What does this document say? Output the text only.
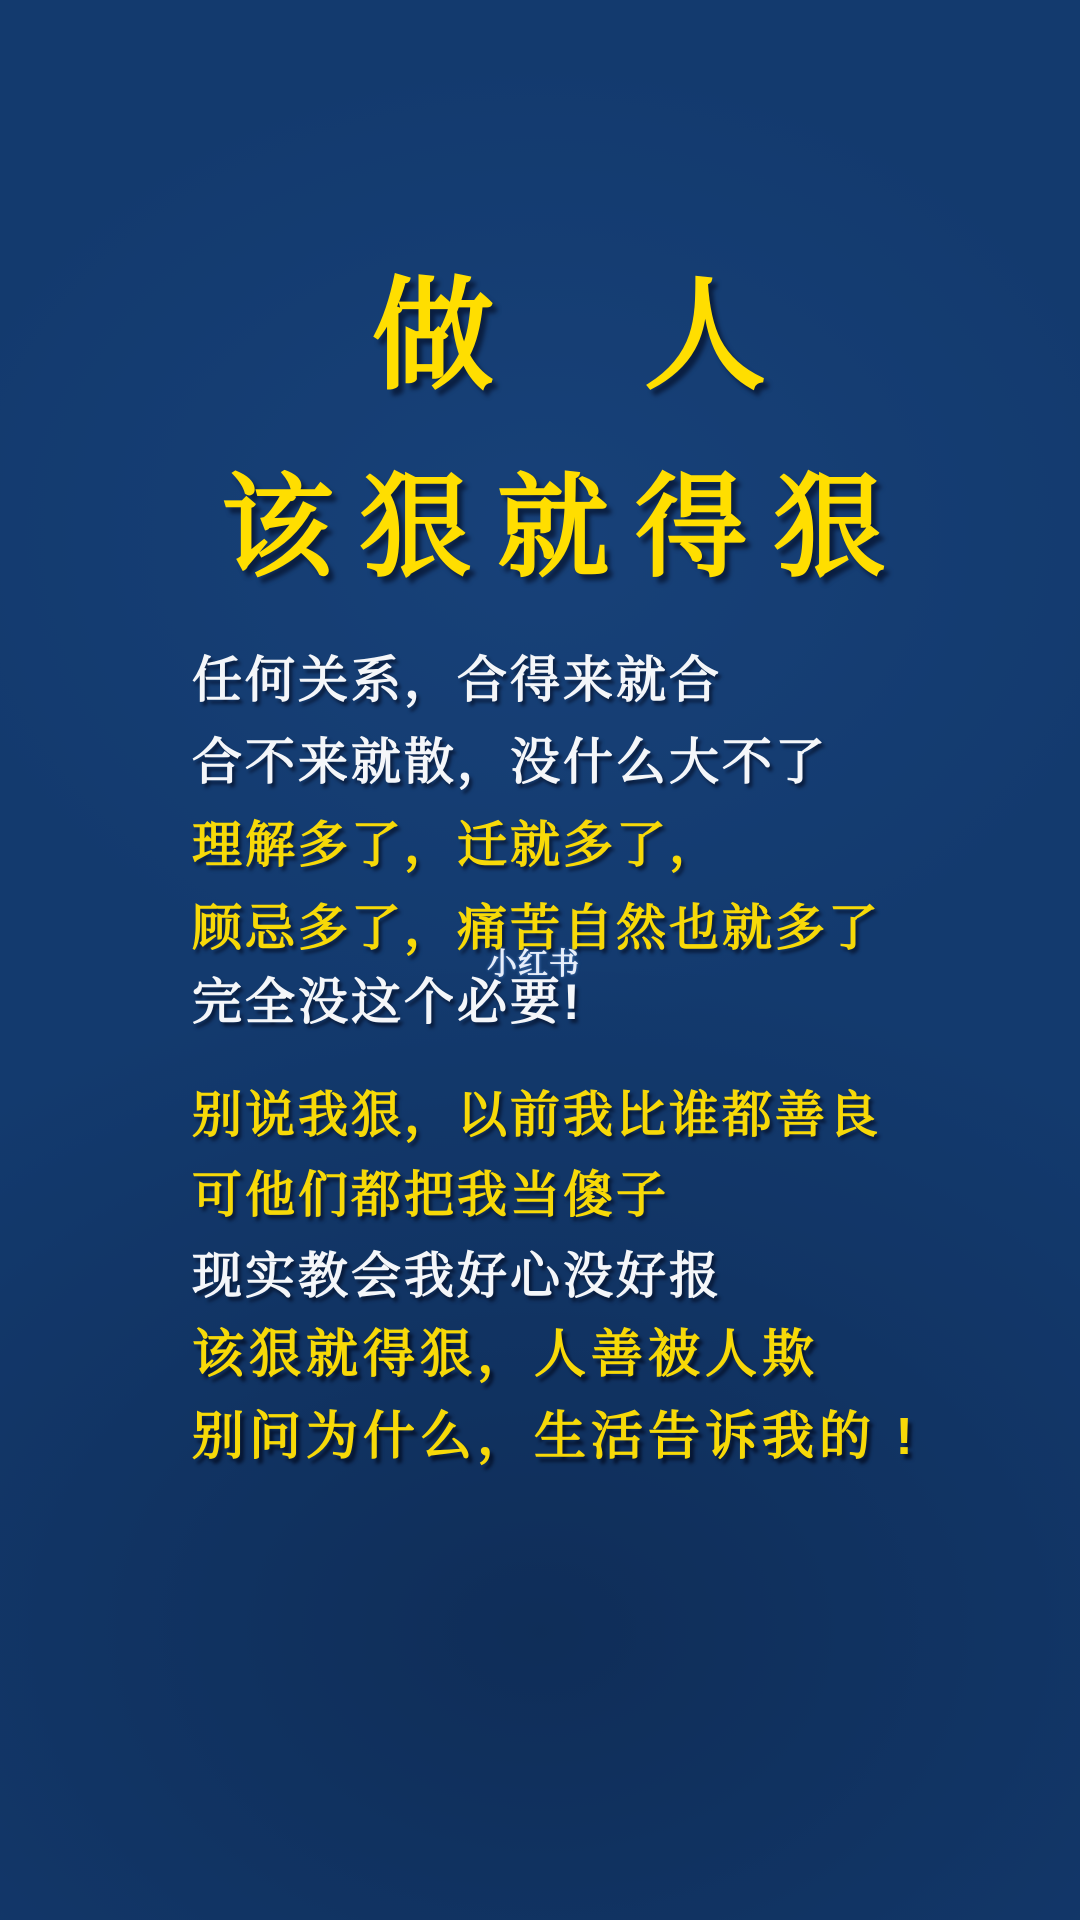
做 人
该狠就得狠
任何关系，合得来就合
合不来就散，没什么大不了
理解多了，迁就多了，
顾忌多了，痛苦自然也就多了
完全没这个必要!
小红书
别说我狠，以前我比谁都善良
可他们都把我当傻子
现实教会我好心没好报
该狠就得狠，人善被人欺
别问为什么，生活告诉我的 !
